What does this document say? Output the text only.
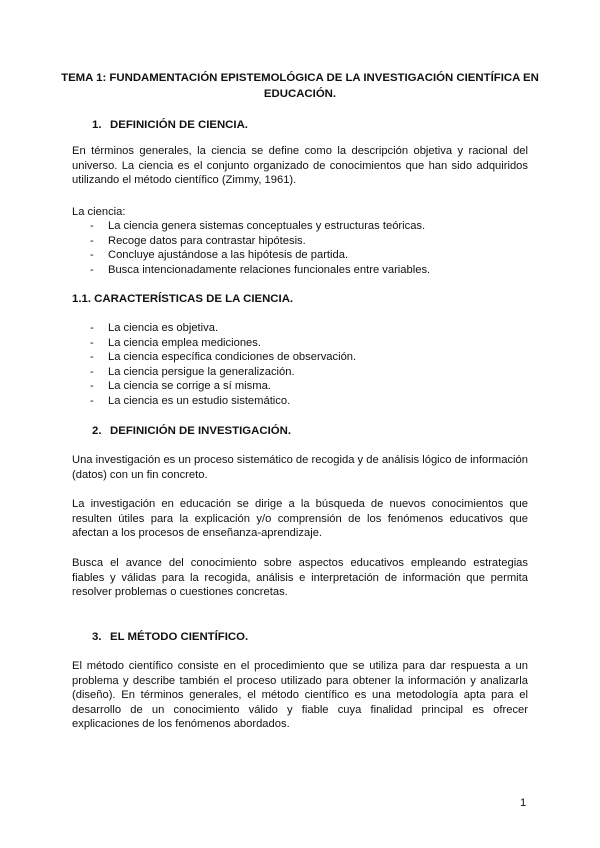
TEMA 1: FUNDAMENTACIÓN EPISTEMOLÓGICA DE LA INVESTIGACIÓN CIENTÍFICA EN EDUCACIÓN.
1. DEFINICIÓN DE CIENCIA.
En términos generales, la ciencia se define como la descripción objetiva y racional del universo. La ciencia es el conjunto organizado de conocimientos que han sido adquiridos utilizando el método científico (Zimmy, 1961).
La ciencia:
- La ciencia genera sistemas conceptuales y estructuras teóricas.
- Recoge datos para contrastar hipótesis.
- Concluye ajustándose a las hipótesis de partida.
- Busca intencionadamente relaciones funcionales entre variables.
1.1. CARACTERÍSTICAS DE LA CIENCIA.
- La ciencia es objetiva.
- La ciencia emplea mediciones.
- La ciencia específica condiciones de observación.
- La ciencia persigue la generalización.
- La ciencia se corrige a sí misma.
- La ciencia es un estudio sistemático.
2. DEFINICIÓN DE INVESTIGACIÓN.
Una investigación es un proceso sistemático de recogida y de análisis lógico de información (datos) con un fin concreto.
La investigación en educación se dirige a la búsqueda de nuevos conocimientos que resulten útiles para la explicación y/o comprensión de los fenómenos educativos que afectan a los procesos de enseñanza-aprendizaje.
Busca el avance del conocimiento sobre aspectos educativos empleando estrategias fiables y válidas para la recogida, análisis e interpretación de información que permita resolver problemas o cuestiones concretas.
3. EL MÉTODO CIENTÍFICO.
El método científico consiste en el procedimiento que se utiliza para dar respuesta a un problema y describe también el proceso utilizado para obtener la información y analizarla (diseño). En términos generales, el método científico es una metodología apta para el desarrollo de un conocimiento válido y fiable cuya finalidad principal es ofrecer explicaciones de los fenómenos abordados.
1
